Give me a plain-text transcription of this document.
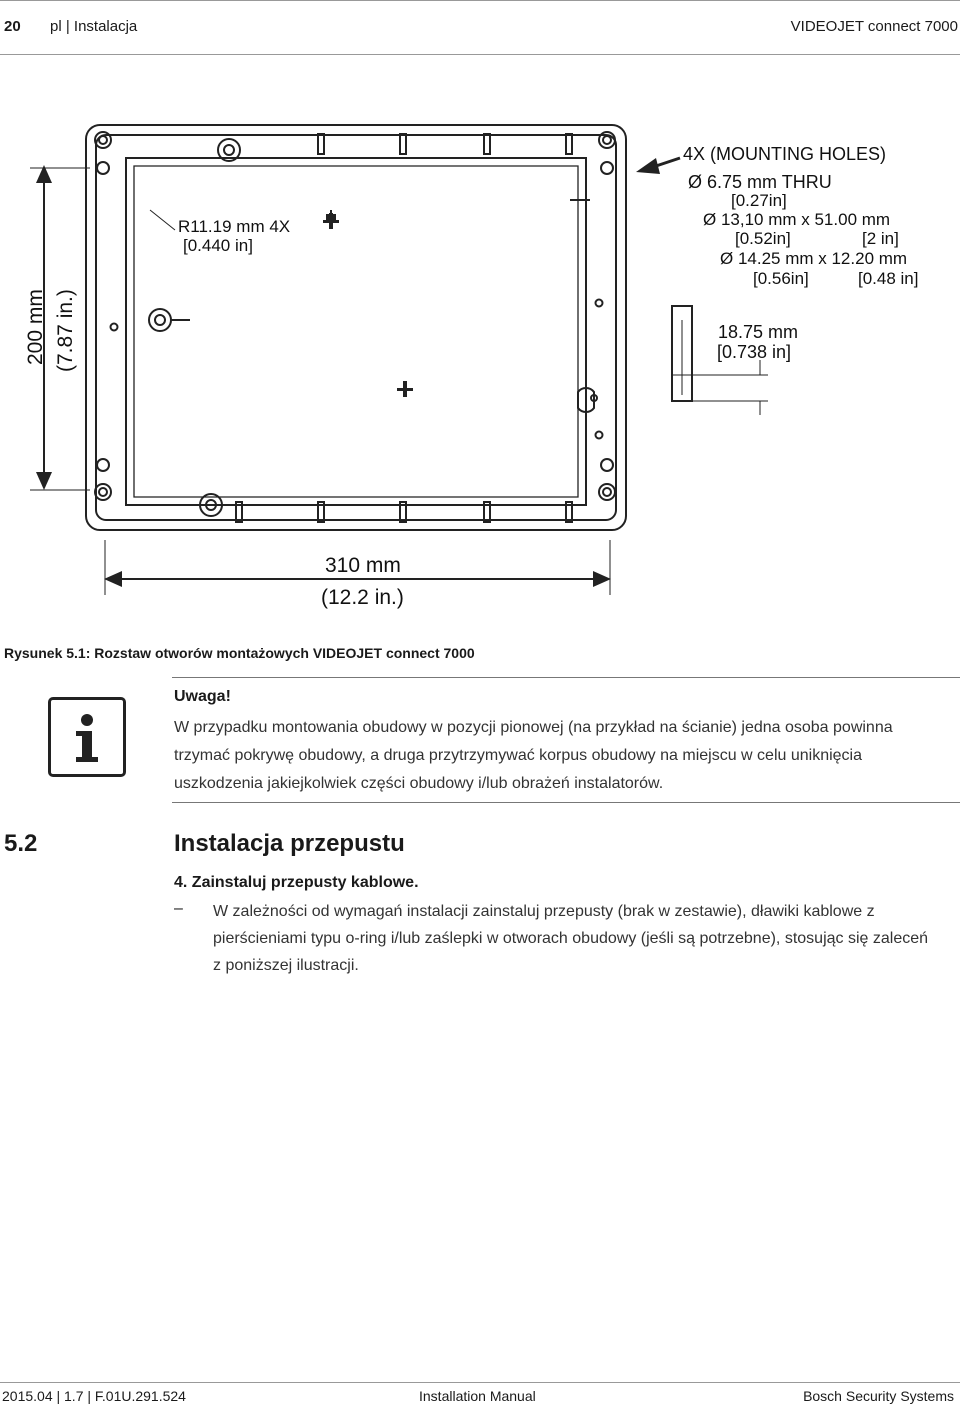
20 pl | Instalacja	VIDEOJET connect 7000
4X (MOUNTING HOLES)
Ø 6.75 mm THRU
[0.27in]
Ø 13,10 mm x 51.00 mm
[0.52in]	[2 in]
Ø 14.25 mm x 12.20 mm
[0.56in]	[0.48 in]
18.75 mm
[0.738 in]
R11.19 mm 4X
[0.440 in]
310 mm
(12.2 in.)
200 mm (7.87 in.)
Rysunek 5.1: Rozstaw otworów montażowych VIDEOJET connect 7000
Uwaga!
W przypadku montowania obudowy w pozycji pionowej (na przykład na ścianie) jedna osoba powinna trzymać pokrywę obudowy, a druga przytrzymywać korpus obudowy na miejscu w celu uniknięcia uszkodzenia jakiejkolwiek części obudowy i/lub obrażeń instalatorów.
5.2	Instalacja przepustu
4. Zainstaluj przepusty kablowe.
– W zależności od wymagań instalacji zainstaluj przepusty (brak w zestawie), dławiki kablowe z pierścieniami typu o-ring i/lub zaślepki w otworach obudowy (jeśli są potrzebne), stosując się zaleceń z poniższej ilustracji.
2015.04 | 1.7 | F.01U.291.524	Installation Manual	Bosch Security Systems
